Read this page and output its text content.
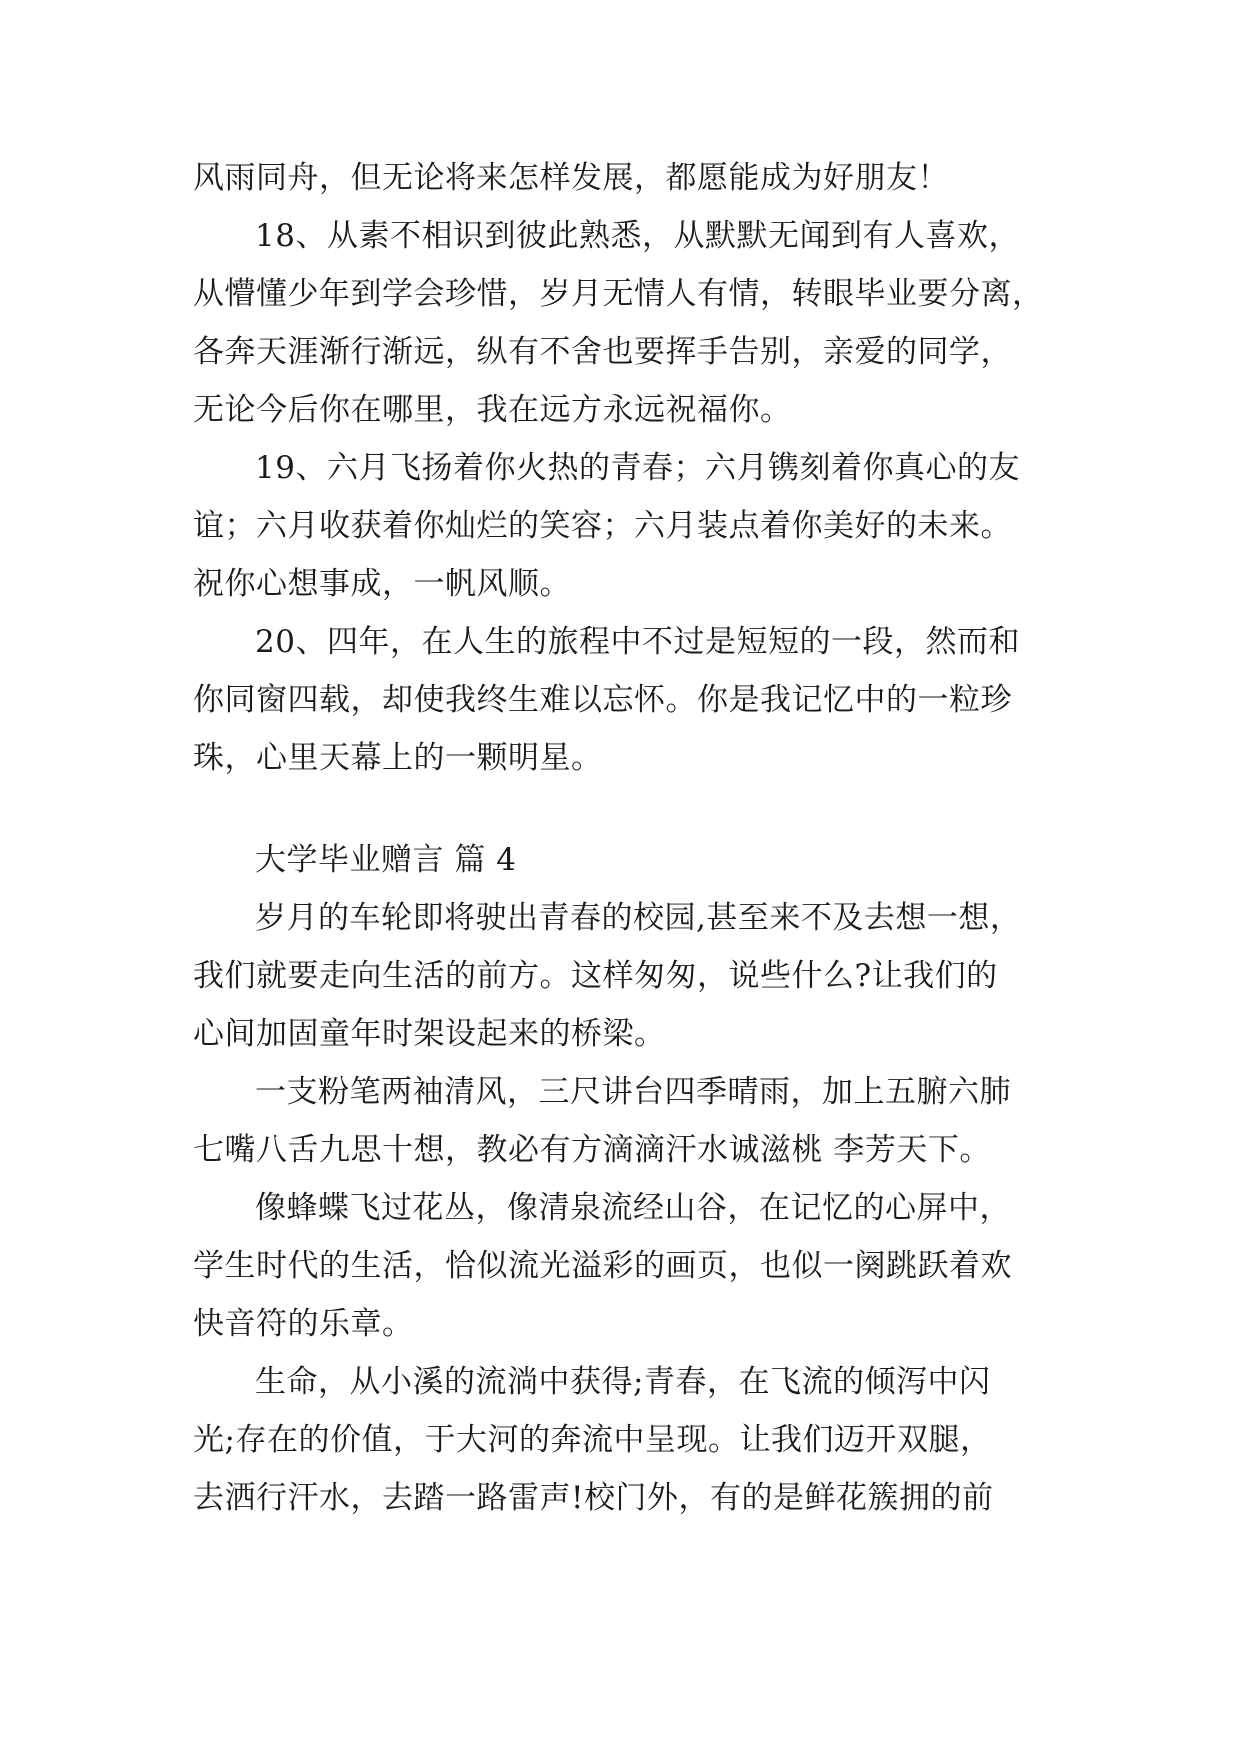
风雨同舟，但无论将来怎样发展，都愿能成为好朋友！
18、从素不相识到彼此熟悉，从默默无闻到有人喜欢，
从懵懂少年到学会珍惜，岁月无情人有情，转眼毕业要分离，
各奔天涯渐行渐远，纵有不舍也要挥手告别，亲爱的同学，
无论今后你在哪里，我在远方永远祝福你。
19、六月飞扬着你火热的青春；六月镌刻着你真心的友
谊；六月收获着你灿烂的笑容；六月装点着你美好的未来。
祝你心想事成，一帆风顺。
20、四年，在人生的旅程中不过是短短的一段，然而和
你同窗四载，却使我终生难以忘怀。你是我记忆中的一粒珍
珠，心里天幕上的一颗明星。
大学毕业赠言 篇 4
岁月的车轮即将驶出青春的校园,甚至来不及去想一想，
我们就要走向生活的前方。这样匆匆，说些什么?让我们的
心间加固童年时架设起来的桥梁。
一支粉笔两袖清风，三尺讲台四季晴雨，加上五腑六肺
七嘴八舌九思十想，教必有方滴滴汗水诚滋桃 李芳天下。
像蜂蝶飞过花丛，像清泉流经山谷，在记忆的心屏中，
学生时代的生活，恰似流光溢彩的画页，也似一阕跳跃着欢
快音符的乐章。
生命，从小溪的流淌中获得;青春，在飞流的倾泻中闪
光;存在的价值，于大河的奔流中呈现。让我们迈开双腿，
去洒行汗水，去踏一路雷声!校门外，有的是鲜花簇拥的前
